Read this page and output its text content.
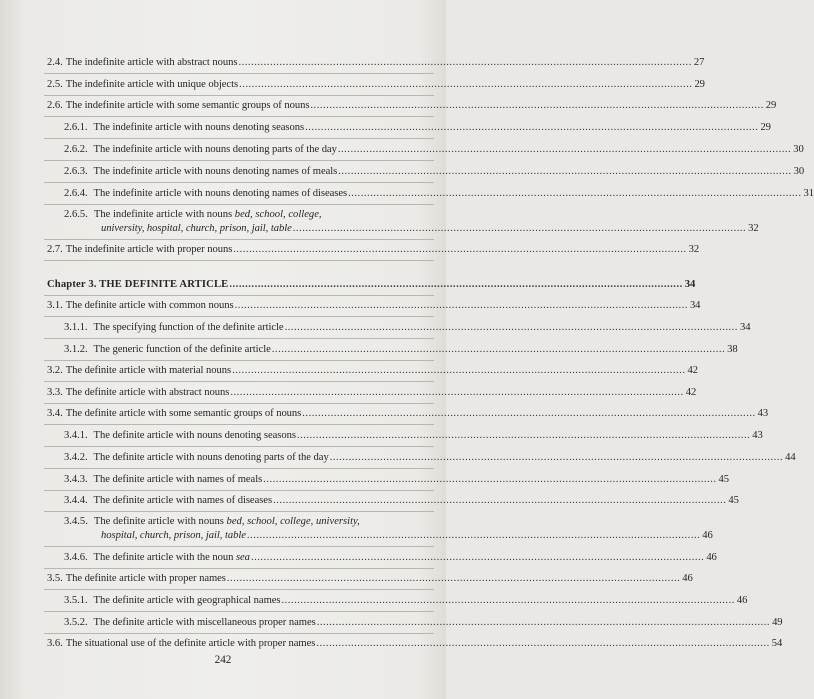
2.4. The indefinite article with abstract nouns .....	27
2.5. The indefinite article with unique objects .....	29
2.6. The indefinite article with some semantic groups of nouns .....	29
2.6.1. The indefinite article with nouns denoting seasons .....	29
2.6.2. The indefinite article with nouns denoting parts of the day .....	30
2.6.3. The indefinite article with nouns denoting names of meals .....	30
2.6.4. The indefinite article with nouns denoting names of diseases .....	31
2.6.5. The indefinite article with nouns bed, school, college,
university, hospital, church, prison, jail, table .....	32
2.7. The indefinite article with proper nouns .....	32
Chapter 3. THE DEFINITE ARTICLE .....	34
3.1. The definite article with common nouns .....	34
3.1.1. The specifying function of the definite article .....	34
3.1.2. The generic function of the definite article .....	38
3.2. The definite article with material nouns .....	42
3.3. The definite article with abstract nouns .....	42
3.4. The definite article with some semantic groups of nouns .....	43
3.4.1. The definite article with nouns denoting seasons .....	43
3.4.2. The definite article with nouns denoting parts of the day .....	44
3.4.3. The definite article with names of meals .....	45
3.4.4. The definite article with names of diseases .....	45
3.4.5. The definite article with nouns bed, school, college, university,
hospital, church, prison, jail, table .....	46
3.4.6. The definite article with the noun sea .....	46
3.5. The definite article with proper names .....	46
3.5.1. The definite article with geographical names .....	46
3.5.2. The definite article with miscellaneous proper names .....	49
3.6. The situational use of the definite article with proper names .....	54
242
